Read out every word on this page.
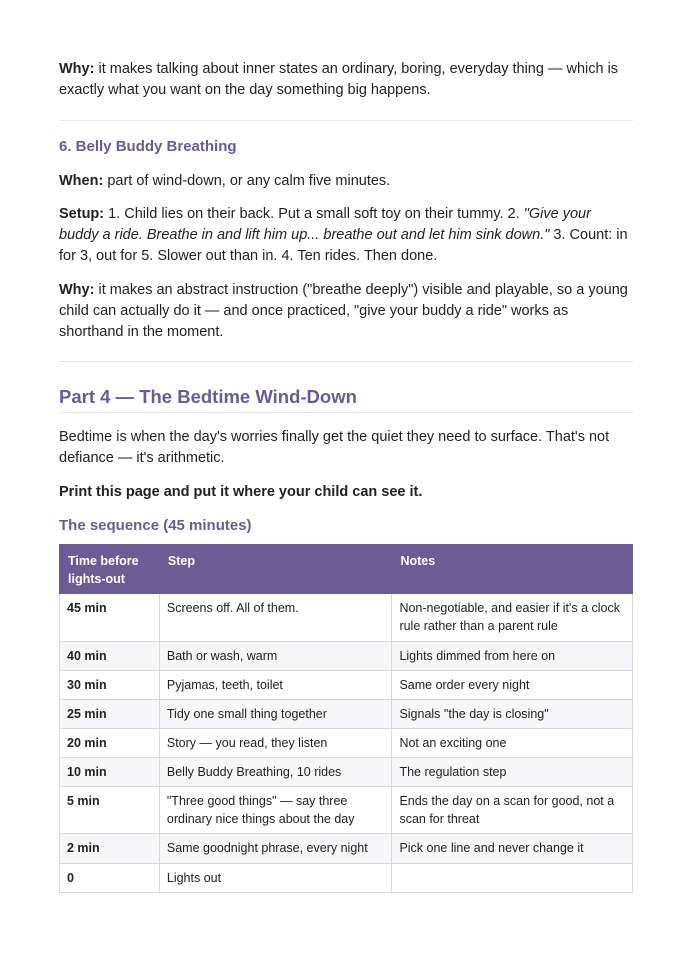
Why: it makes talking about inner states an ordinary, boring, everyday thing — which is exactly what you want on the day something big happens.

6. Belly Buddy Breathing

When: part of wind-down, or any calm five minutes.

Setup: 1. Child lies on their back. Put a small soft toy on their tummy. 2. "Give your buddy a ride. Breathe in and lift him up... breathe out and let him sink down." 3. Count: in for 3, out for 5. Slower out than in. 4. Ten rides. Then done.

Why: it makes an abstract instruction ("breathe deeply") visible and playable, so a young child can actually do it — and once practiced, "give your buddy a ride" works as shorthand in the moment.

Part 4 — The Bedtime Wind-Down

Bedtime is when the day's worries finally get the quiet they need to surface. That's not defiance — it's arithmetic.

Print this page and put it where your child can see it.

The sequence (45 minutes)
Time before lights-out	Step	Notes
45 min	Screens off. All of them.	Non-negotiable, and easier if it's a clock rule rather than a parent rule
40 min	Bath or wash, warm	Lights dimmed from here on
30 min	Pyjamas, teeth, toilet	Same order every night
25 min	Tidy one small thing together	Signals "the day is closing"
20 min	Story — you read, they listen	Not an exciting one
10 min	Belly Buddy Breathing, 10 rides	The regulation step
5 min	"Three good things" — say three ordinary nice things about the day	Ends the day on a scan for good, not a scan for threat
2 min	Same goodnight phrase, every night	Pick one line and never change it
0	Lights out	
